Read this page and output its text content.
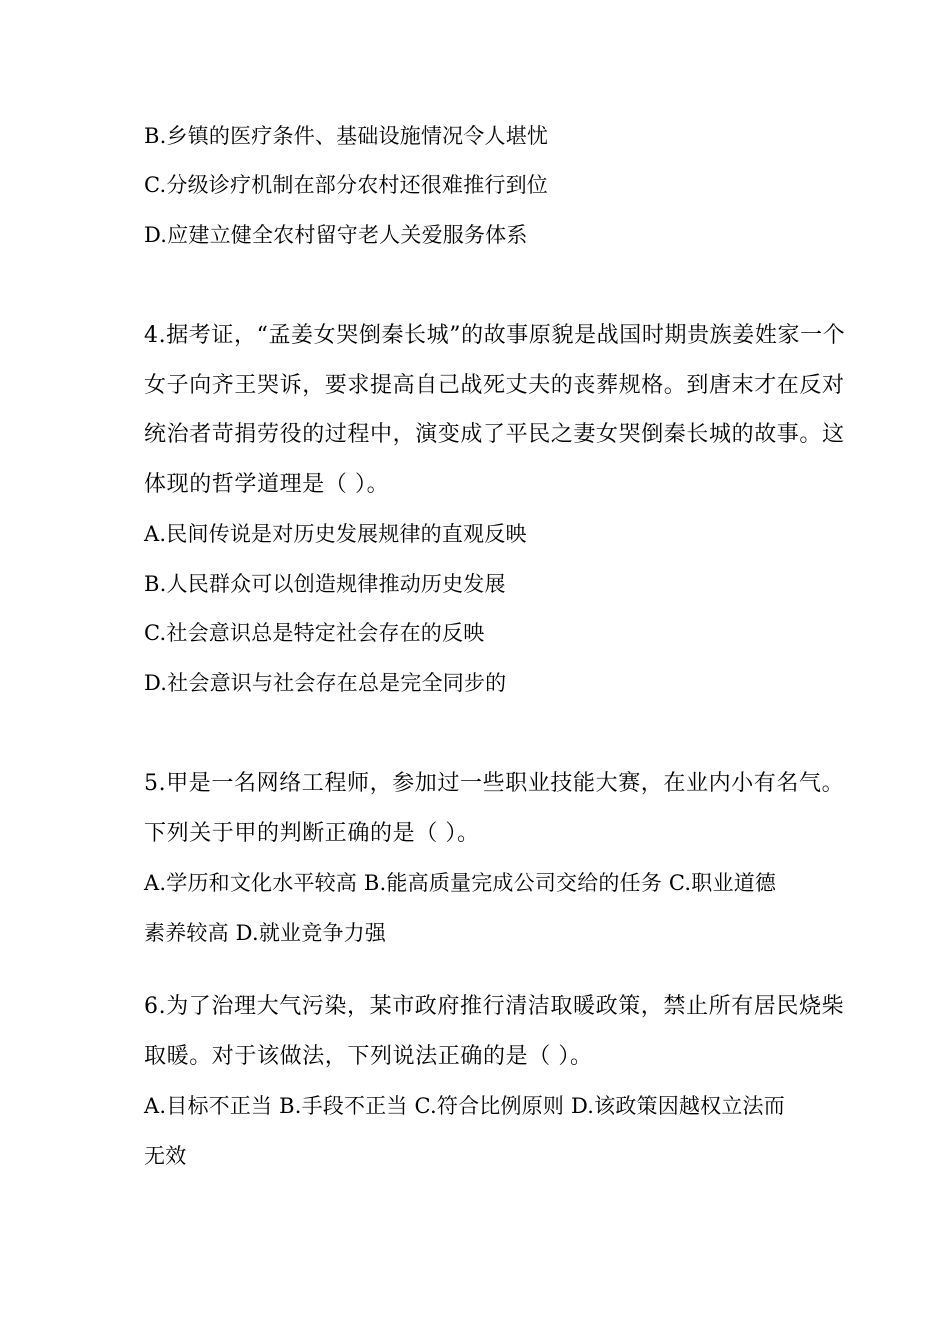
B.乡镇的医疗条件、基础设施情况令人堪忧
C.分级诊疗机制在部分农村还很难推行到位
D.应建立健全农村留守老人关爱服务体系
4.据考证，“孟姜女哭倒秦长城”的故事原貌是战国时期贵族姜姓家一个
女子向齐王哭诉，要求提高自己战死丈夫的丧葬规格。到唐末才在反对
统治者苛捐劳役的过程中，演变成了平民之妻女哭倒秦长城的故事。这
体现的哲学道理是（ ）。
A.民间传说是对历史发展规律的直观反映
B.人民群众可以创造规律推动历史发展
C.社会意识总是特定社会存在的反映
D.社会意识与社会存在总是完全同步的
5.甲是一名网络工程师，参加过一些职业技能大赛，在业内小有名气。
下列关于甲的判断正确的是（ ）。
A.学历和文化水平较高 B.能高质量完成公司交给的任务 C.职业道德
素养较高 D.就业竞争力强
6.为了治理大气污染，某市政府推行清洁取暖政策，禁止所有居民烧柴
取暖。对于该做法，下列说法正确的是（ ）。
A.目标不正当 B.手段不正当 C.符合比例原则 D.该政策因越权立法而
无效
